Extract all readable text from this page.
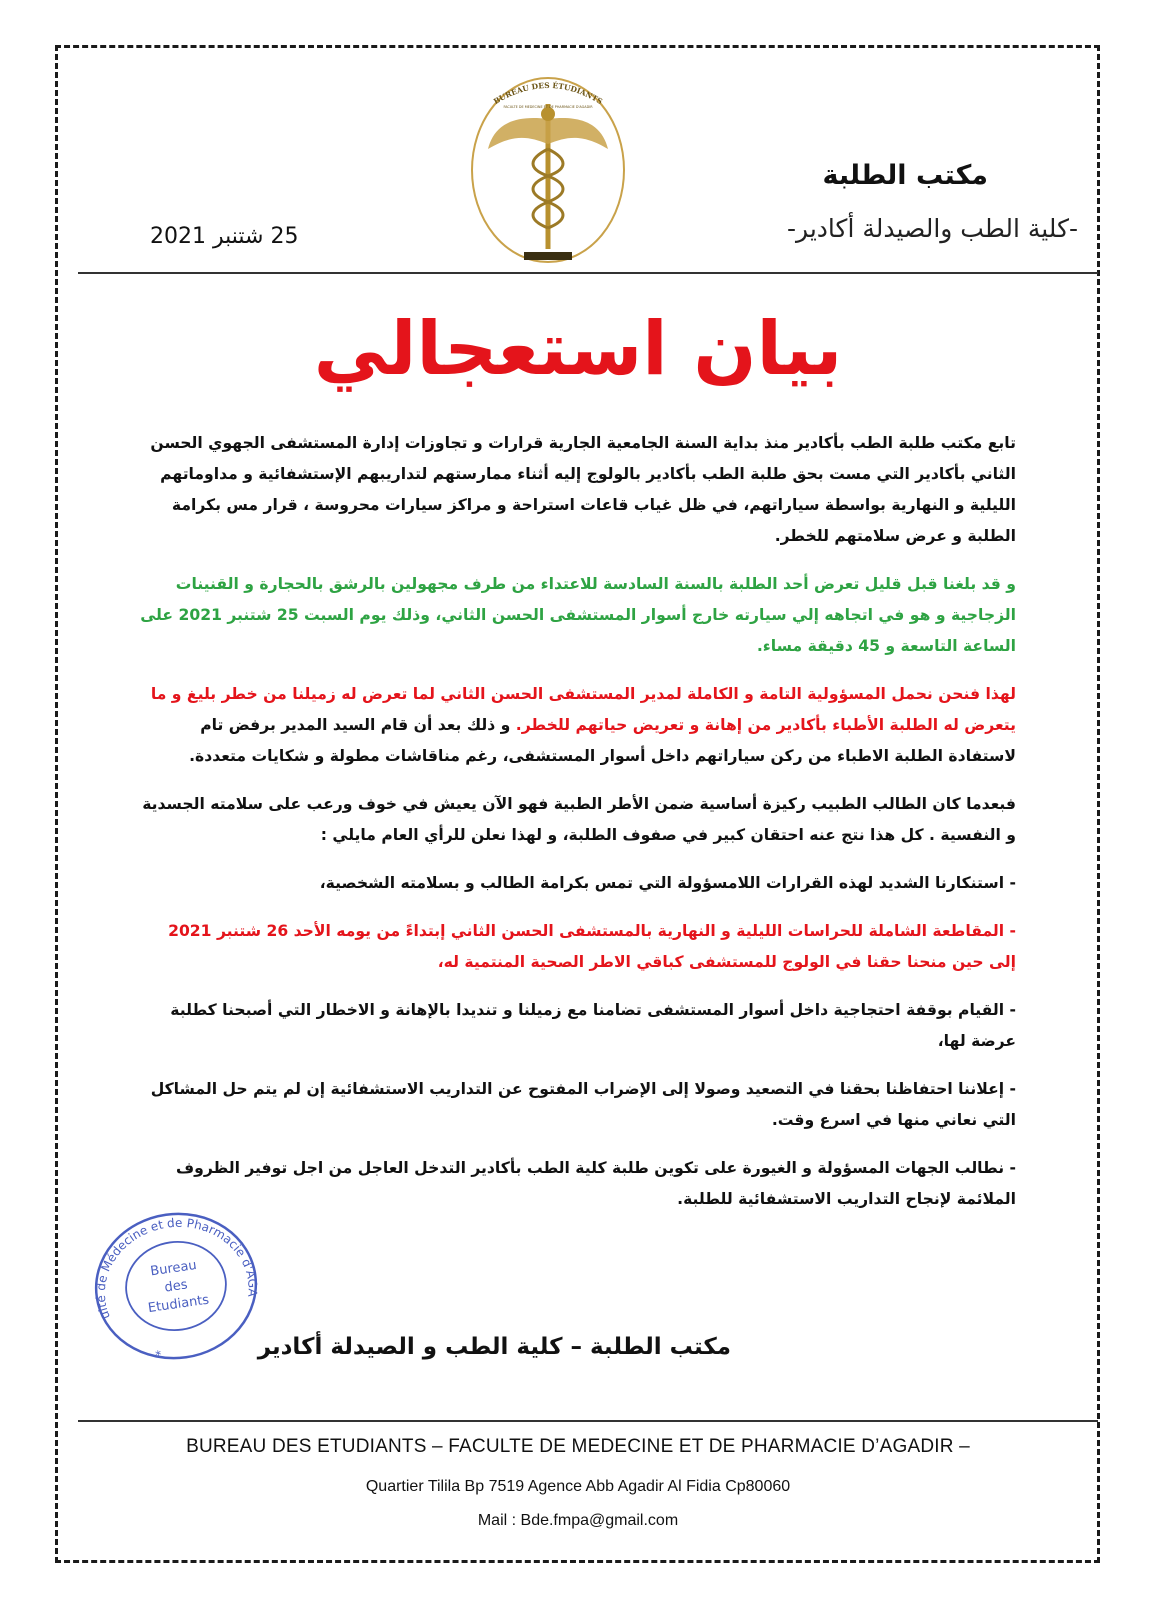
مكتب الطلبة
-كلية الطب والصيدلة أكادير-
25 شتنبر 2021
BUREAU DES ÉTUDIANTS
FACULTE DE MEDECINE ET DE PHARMACIE D'AGADIR
بيان استعجالي

تابع مكتب طلبة الطب بأكادير منذ بداية السنة الجامعية الجارية قرارات و تجاوزات إدارة المستشفى الجهوي الحسن الثاني بأكادير التي مست بحق طلبة الطب بأكادير بالولوج إليه أثناء ممارستهم لتداريبهم الإستشفائية و مداوماتهم الليلية و النهارية بواسطة سياراتهم، في ظل غياب قاعات استراحة و مراكز سيارات محروسة ، قرار مس بكرامة الطلبة و عرض سلامتهم للخطر.

و قد بلغنا قبل قليل تعرض أحد الطلبة بالسنة السادسة للاعتداء من طرف مجهولين بالرشق بالحجارة و القنينات الزجاجية و هو في اتجاهه إلي سيارته خارج أسوار المستشفى الحسن الثاني، وذلك يوم السبت 25 شتنبر 2021 على الساعة التاسعة و 45 دقيقة مساء.

لهذا فنحن نحمل المسؤولية التامة و الكاملة لمدير المستشفى الحسن الثاني لما تعرض له زميلنا من خطر بليغ و ما يتعرض له الطلبة الأطباء بأكادير من إهانة و تعريض حياتهم للخطر. و ذلك بعد أن قام السيد المدير برفض تام لاستفادة الطلبة الاطباء من ركن سياراتهم داخل أسوار المستشفى، رغم مناقاشات مطولة و شكايات متعددة.

فبعدما كان الطالب الطبيب ركيزة أساسية ضمن الأطر الطبية فهو الآن يعيش في خوف ورعب على سلامته الجسدية و النفسية . كل هذا نتج عنه احتقان كبير في صفوف الطلبة، و لهذا نعلن للرأي العام مايلي :

- استنكارنا الشديد لهذه القرارات اللامسؤولة التي تمس بكرامة الطالب و بسلامته الشخصية،

- المقاطعة الشاملة للحراسات الليلية و النهارية بالمستشفى الحسن الثاني إبتداءً من يومه الأحد 26 شتنبر 2021 إلى حين منحنا حقنا في الولوج للمستشفى كباقي الاطر الصحية المنتمية له،

- القيام بوقفة احتجاجية داخل أسوار المستشفى تضامنا مع زميلنا و تنديدا بالإهانة و الاخطار التي أصبحنا كطلبة عرضة لها،

- إعلاننا احتفاظنا بحقنا في التصعيد وصولا إلى الإضراب المفتوح عن التداريب الاستشفائية إن لم يتم حل المشاكل التي نعاني منها في اسرع وقت.

- نطالب الجهات المسؤولة و الغيورة على تكوين طلبة كلية الطب بأكادير التدخل العاجل من اجل توفير الظروف الملائمة لإنجاح التداريب الاستشفائية للطلبة.

Faculté de Médecine et de Pharmacie d'AGADIR
Bureau
des
Etudiants
*	مكتب الطلبة – كلية الطب و الصيدلة أكادير
BUREAU DES ETUDIANTS – FACULTE DE MEDECINE ET DE PHARMACIE D’AGADIR –
Quartier Tilila Bp 7519 Agence Abb Agadir Al Fidia Cp80060
Mail : Bde.fmpa@gmail.com
